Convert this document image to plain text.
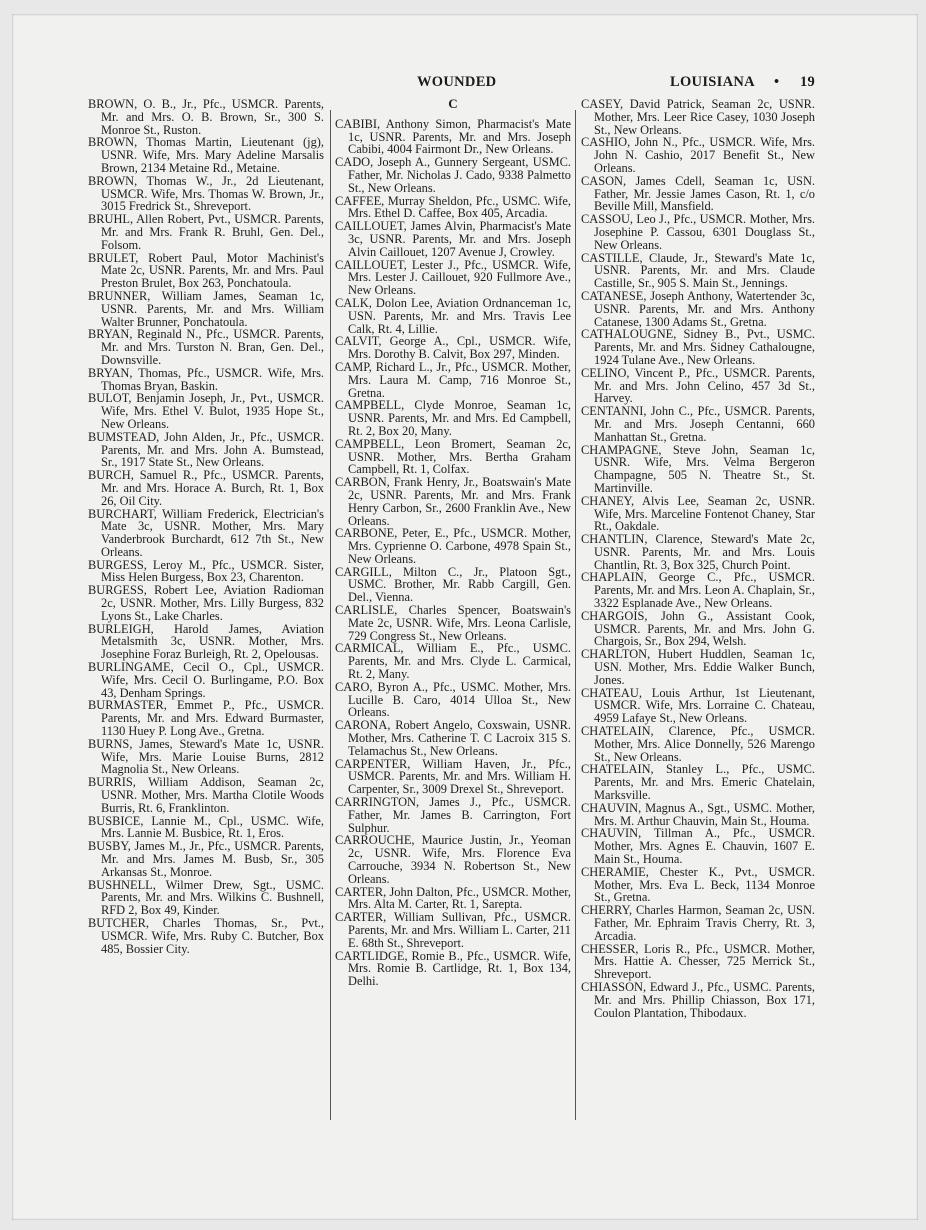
WOUNDED	LOUISIANA • 19

BROWN, O. B., Jr., Pfc., USMCR. Parents, Mr. and Mrs. O. B. Brown, Sr., 300 S. Monroe St., Ruston.

BROWN, Thomas Martin, Lieutenant (jg), USNR. Wife, Mrs. Mary Adeline Marsalis Brown, 2134 Metaine Rd., Metaine.

BROWN, Thomas W., Jr., 2d Lieutenant, USMCR. Wife, Mrs. Thomas W. Brown, Jr., 3015 Fredrick St., Shreveport.

BRUHL, Allen Robert, Pvt., USMCR. Parents, Mr. and Mrs. Frank R. Bruhl, Gen. Del., Folsom.

BRULET, Robert Paul, Motor Machinist's Mate 2c, USNR. Parents, Mr. and Mrs. Paul Preston Brulet, Box 263, Ponchatoula.

BRUNNER, William James, Seaman 1c, USNR. Parents, Mr. and Mrs. William Walter Brunner, Ponchatoula.

BRYAN, Reginald N., Pfc., USMCR. Parents, Mr. and Mrs. Turston N. Bran, Gen. Del., Downsville.

BRYAN, Thomas, Pfc., USMCR. Wife, Mrs. Thomas Bryan, Baskin.

BULOT, Benjamin Joseph, Jr., Pvt., USMCR. Wife, Mrs. Ethel V. Bulot, 1935 Hope St., New Orleans.

BUMSTEAD, John Alden, Jr., Pfc., USMCR. Parents, Mr. and Mrs. John A. Bumstead, Sr., 1917 State St., New Orleans.

BURCH, Samuel R., Pfc., USMCR. Parents, Mr. and Mrs. Horace A. Burch, Rt. 1, Box 26, Oil City.

BURCHART, William Frederick, Electrician's Mate 3c, USNR. Mother, Mrs. Mary Vanderbrook Burchardt, 612 7th St., New Orleans.

BURGESS, Leroy M., Pfc., USMCR. Sister, Miss Helen Burgess, Box 23, Charenton.

BURGESS, Robert Lee, Aviation Radioman 2c, USNR. Mother, Mrs. Lilly Burgess, 832 Lyons St., Lake Charles.

BURLEIGH, Harold James, Aviation Metalsmith 3c, USNR. Mother, Mrs. Josephine Foraz Burleigh, Rt. 2, Opelousas.

BURLINGAME, Cecil O., Cpl., USMCR. Wife, Mrs. Cecil O. Burlingame, P.O. Box 43, Denham Springs.

BURMASTER, Emmet P., Pfc., USMCR. Parents, Mr. and Mrs. Edward Burmaster, 1130 Huey P. Long Ave., Gretna.

BURNS, James, Steward's Mate 1c, USNR. Wife, Mrs. Marie Louise Burns, 2812 Magnolia St., New Orleans.

BURRIS, William Addison, Seaman 2c, USNR. Mother, Mrs. Martha Clotile Woods Burris, Rt. 6, Franklinton.

BUSBICE, Lannie M., Cpl., USMC. Wife, Mrs. Lannie M. Busbice, Rt. 1, Eros.

BUSBY, James M., Jr., Pfc., USMCR. Parents, Mr. and Mrs. James M. Busb, Sr., 305 Arkansas St., Monroe.

BUSHNELL, Wilmer Drew, Sgt., USMC. Parents, Mr. and Mrs. Wilkins C. Bushnell, RFD 2, Box 49, Kinder.

BUTCHER, Charles Thomas, Sr., Pvt., USMCR. Wife, Mrs. Ruby C. Butcher, Box 485, Bossier City.

C

CABIBI, Anthony Simon, Pharmacist's Mate 1c, USNR. Parents, Mr. and Mrs. Joseph Cabibi, 4004 Fairmont Dr., New Orleans.

CADO, Joseph A., Gunnery Sergeant, USMC. Father, Mr. Nicholas J. Cado, 9338 Palmetto St., New Orleans.

CAFFEE, Murray Sheldon, Pfc., USMC. Wife, Mrs. Ethel D. Caffee, Box 405, Arcadia.

CAILLOUET, James Alvin, Pharmacist's Mate 3c, USNR. Parents, Mr. and Mrs. Joseph Alvin Caillouet, 1207 Avenue J, Crowley.

CAILLOUET, Lester J., Pfc., USMCR. Wife, Mrs. Lester J. Caillouet, 920 Fullmore Ave., New Orleans.

CALK, Dolon Lee, Aviation Ordnanceman 1c, USN. Parents, Mr. and Mrs. Travis Lee Calk, Rt. 4, Lillie.

CALVIT, George A., Cpl., USMCR. Wife, Mrs. Dorothy B. Calvit, Box 297, Minden.

CAMP, Richard L., Jr., Pfc., USMCR. Mother, Mrs. Laura M. Camp, 716 Monroe St., Gretna.

CAMPBELL, Clyde Monroe, Seaman 1c, USNR. Parents, Mr. and Mrs. Ed Campbell, Rt. 2, Box 20, Many.

CAMPBELL, Leon Bromert, Seaman 2c, USNR. Mother, Mrs. Bertha Graham Campbell, Rt. 1, Colfax.

CARBON, Frank Henry, Jr., Boatswain's Mate 2c, USNR. Parents, Mr. and Mrs. Frank Henry Carbon, Sr., 2600 Franklin Ave., New Orleans.

CARBONE, Peter, E., Pfc., USMCR. Mother, Mrs. Cyprienne O. Carbone, 4978 Spain St., New Orleans.

CARGILL, Milton C., Jr., Platoon Sgt., USMC. Brother, Mr. Rabb Cargill, Gen. Del., Vienna.

CARLISLE, Charles Spencer, Boatswain's Mate 2c, USNR. Wife, Mrs. Leona Carlisle, 729 Congress St., New Orleans.

CARMICAL, William E., Pfc., USMC. Parents, Mr. and Mrs. Clyde L. Carmical, Rt. 2, Many.

CARO, Byron A., Pfc., USMC. Mother, Mrs. Lucille B. Caro, 4014 Ulloa St., New Orleans.

CARONA, Robert Angelo, Coxswain, USNR. Mother, Mrs. Catherine T. C Lacroix 315 S. Telamachus St., New Orleans.

CARPENTER, William Haven, Jr., Pfc., USMCR. Parents, Mr. and Mrs. William H. Carpenter, Sr., 3009 Drexel St., Shreveport.

CARRINGTON, James J., Pfc., USMCR. Father, Mr. James B. Carrington, Fort Sulphur.

CARROUCHE, Maurice Justin, Jr., Yeoman 2c, USNR. Wife, Mrs. Florence Eva Carrouche, 3934 N. Robertson St., New Orleans.

CARTER, John Dalton, Pfc., USMCR. Mother, Mrs. Alta M. Carter, Rt. 1, Sarepta.

CARTER, William Sullivan, Pfc., USMCR. Parents, Mr. and Mrs. William L. Carter, 211 E. 68th St., Shreveport.

CARTLIDGE, Romie B., Pfc., USMCR. Wife, Mrs. Romie B. Cartlidge, Rt. 1, Box 134, Delhi.

CASEY, David Patrick, Seaman 2c, USNR. Mother, Mrs. Leer Rice Casey, 1030 Joseph St., New Orleans.

CASHIO, John N., Pfc., USMCR. Wife, Mrs. John N. Cashio, 2017 Benefit St., New Orleans.

CASON, James Cdell, Seaman 1c, USN. Father, Mr. Jessie James Cason, Rt. 1, c/o Beville Mill, Mansfield.

CASSOU, Leo J., Pfc., USMCR. Mother, Mrs. Josephine P. Cassou, 6301 Douglass St., New Orleans.

CASTILLE, Claude, Jr., Steward's Mate 1c, USNR. Parents, Mr. and Mrs. Claude Castille, Sr., 905 S. Main St., Jennings.

CATANESE, Joseph Anthony, Watertender 3c, USNR. Parents, Mr. and Mrs. Anthony Catanese, 1300 Adams St., Gretna.

CATHALOUGNE, Sidney B., Pvt., USMC. Parents, Mr. and Mrs. Sidney Cathalougne, 1924 Tulane Ave., New Orleans.

CELINO, Vincent P., Pfc., USMCR. Parents, Mr. and Mrs. John Celino, 457 3d St., Harvey.

CENTANNI, John C., Pfc., USMCR. Parents, Mr. and Mrs. Joseph Centanni, 660 Manhattan St., Gretna.

CHAMPAGNE, Steve John, Seaman 1c, USNR. Wife, Mrs. Velma Bergeron Champagne, 505 N. Theatre St., St. Martinville.

CHANEY, Alvis Lee, Seaman 2c, USNR. Wife, Mrs. Marceline Fontenot Chaney, Star Rt., Oakdale.

CHANTLIN, Clarence, Steward's Mate 2c, USNR. Parents, Mr. and Mrs. Louis Chantlin, Rt. 3, Box 325, Church Point.

CHAPLAIN, George C., Pfc., USMCR. Parents, Mr. and Mrs. Leon A. Chaplain, Sr., 3322 Esplanade Ave., New Orleans.

CHARGOIS, John G., Assistant Cook, USMCR. Parents, Mr. and Mrs. John G. Chargois, Sr., Box 294, Welsh.

CHARLTON, Hubert Huddlen, Seaman 1c, USN. Mother, Mrs. Eddie Walker Bunch, Jones.

CHATEAU, Louis Arthur, 1st Lieutenant, USMCR. Wife, Mrs. Lorraine C. Chateau, 4959 Lafaye St., New Orleans.

CHATELAIN, Clarence, Pfc., USMCR. Mother, Mrs. Alice Donnelly, 526 Marengo St., New Orleans.

CHATELAIN, Stanley L., Pfc., USMC. Parents, Mr. and Mrs. Emeric Chatelain, Marksville.

CHAUVIN, Magnus A., Sgt., USMC. Mother, Mrs. M. Arthur Chauvin, Main St., Houma.

CHAUVIN, Tillman A., Pfc., USMCR. Mother, Mrs. Agnes E. Chauvin, 1607 E. Main St., Houma.

CHERAMIE, Chester K., Pvt., USMCR. Mother, Mrs. Eva L. Beck, 1134 Monroe St., Gretna.

CHERRY, Charles Harmon, Seaman 2c, USN. Father, Mr. Ephraim Travis Cherry, Rt. 3, Arcadia.

CHESSER, Loris R., Pfc., USMCR. Mother, Mrs. Hattie A. Chesser, 725 Merrick St., Shreveport.

CHIASSON, Edward J., Pfc., USMC. Parents, Mr. and Mrs. Phillip Chiasson, Box 171, Coulon Plantation, Thibodaux.
